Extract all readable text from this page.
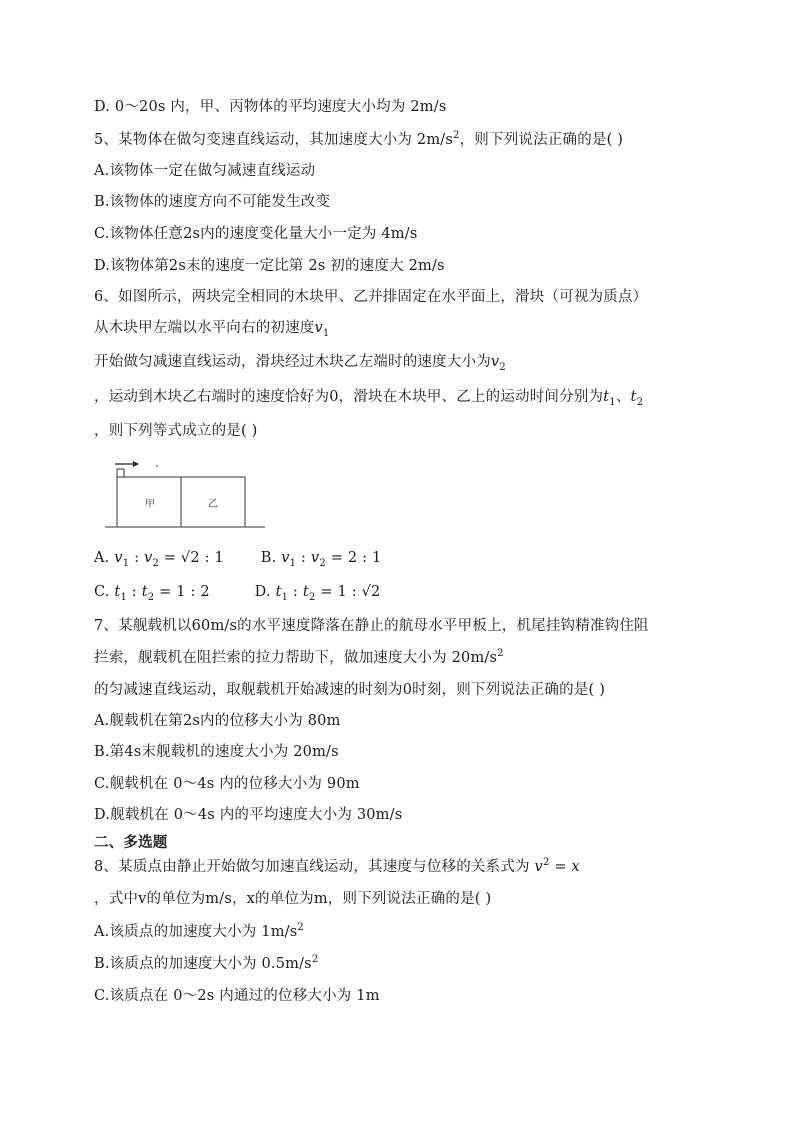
D. 0～20s 内，甲、丙物体的平均速度大小均为 2m/s
5、某物体在做匀变速直线运动，其加速度大小为 $2m/s^2$，则下列说法正确的是( )
A.该物体一定在做匀减速直线运动
B.该物体的速度方向不可能发生改变
C.该物体任意2s内的速度变化量大小一定为 4m/s
D.该物体第2s末的速度一定比第 2s 初的速度大 2m/s
6、如图所示，两块完全相同的木块甲、乙并排固定在水平面上，滑块（可视为质点）
从木块甲左端以水平向右的初速度$v_1$
开始做匀减速直线运动，滑块经过木块乙左端时的速度大小为$v_2$
，运动到木块乙右端时的速度恰好为0，滑块在木块甲、乙上的运动时间分别为$t_1$、$t_2$
，则下列等式成立的是( )
甲	乙
A. $v_1$ : $v_2 = √2$ : 1	B. $v_1$ : $v_2 = 2$ : 1
C. $t_1$ : $t_2 = 1$ : 2	D. $t_1$ : $t_2 = 1$ : √2
7、某舰载机以60m/s的水平速度降落在静止的航母水平甲板上，机尾挂钩精准钩住阻
拦索，舰载机在阻拦索的拉力帮助下，做加速度大小为 $20m/s^2$
的匀减速直线运动，取舰载机开始减速的时刻为0时刻，则下列说法正确的是( )
A.舰载机在第2s内的位移大小为 80m
B.第4s末舰载机的速度大小为 20m/s
C.舰载机在 0～4s 内的位移大小为 90m
D.舰载机在 0～4s 内的平均速度大小为 30m/s
二、多选题
8、某质点由静止开始做匀加速直线运动，其速度与位移的关系式为 $v^2 = x$
，式中v的单位为m/s，x的单位为m，则下列说法正确的是( )
A.该质点的加速度大小为 $1m/s^2$
B.该质点的加速度大小为 $0.5m/s^2$
C.该质点在 0～2s 内通过的位移大小为 1m
